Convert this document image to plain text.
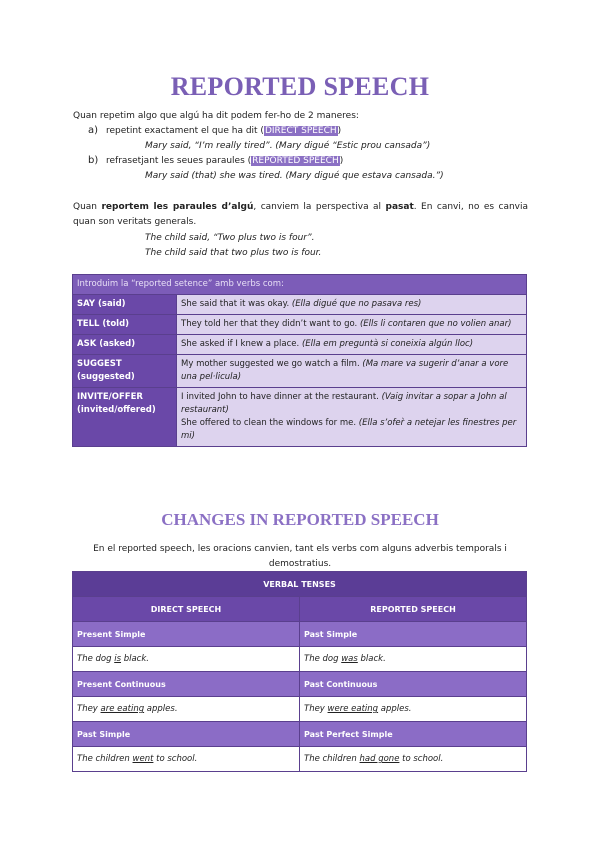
REPORTED SPEECH
Quan repetim algo que algú ha dit podem fer-ho de 2 maneres:
a) repetint exactament el que ha dit (DIRECT SPEECH)
Mary said, “I’m really tired”. (Mary digué “Estic prou cansada”)
b) refrasetjant les seues paraules (REPORTED SPEECH)
Mary said (that) she was tired. (Mary digué que estava cansada.”)
Quan reportem les paraules d’algú, canviem la perspectiva al pasat. En canvi, no es canvia quan son veritats generals.
The child said, “Two plus two is four”.
The child said that two plus two is four.
Introduim la “reported setence” amb verbs com:	
SAY (said)	She said that it was okay. (Ella digué que no pasava res)
TELL (told)	They told her that they didn’t want to go. (Ells li contaren que no volien anar)
ASK (asked)	She asked if I knew a place. (Ella em preguntà si coneixia algún lloc)
SUGGEST (suggested)	My mother suggested we go watch a film. (Ma mare va sugerir d’anar a vore una pel·licula)
INVITE/OFFER (invited/offered)	I invited John to have dinner at the restaurant. (Vaig invitar a sopar a John al restaurant)
She offered to clean the windows for me. (Ella s’ofer̀ a netejar les finestres per mi)
CHANGES IN REPORTED SPEECH
En el reported speech, les oracions canvien, tant els verbs com alguns adverbis temporals i demostratius.
VERBAL TENSES	
DIRECT SPEECH	REPORTED SPEECH
Present Simple	Past Simple
The dog is black.	The dog was black.
Present Continuous	Past Continuous
They are eating apples.	They were eating apples.
Past Simple	Past Perfect Simple
The children went to school.	The children had gone to school.
